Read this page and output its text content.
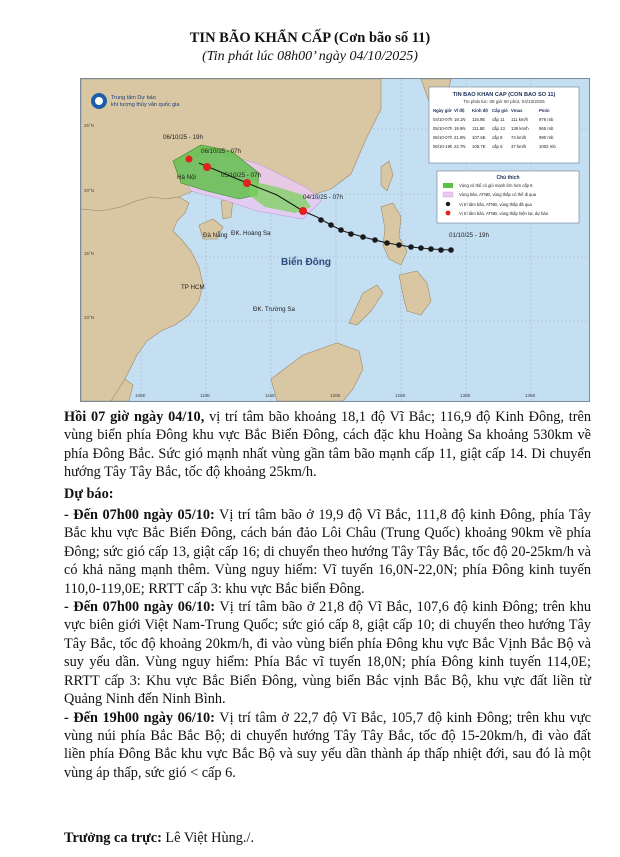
TIN BÃO KHẨN CẤP (Cơn bão số 11)
(Tin phát lúc 08h00’ ngày 04/10/2025)
06/10/25 - 19h
06/10/25 - 07h
05/10/25 - 07h
04/10/25 - 07h
01/10/25 - 19h
Hà Nội
Đà Nẵng ĐK. Hoàng Sa
TP HCM
ĐK. Trường Sa
Biển Đông
Trung tâm Dự báo
khí tượng thủy văn quốc gia
TIN BAO KHAN CAP (CON BAO SO 11)
Tin phát lúc: 08 giờ 00 phút, 04/10/2025
Ngày giờ Vĩ độ Kinh độ Cấp gió Vmax	Pmin
04/10-07h 18.1N 116.9E cấp 11 111 km/h	976 mb
05/10-07h 19.9N 111.8E cấp 13 139 km/h 965 mb
06/10-07h 21.8N 107.6E cấp 8 74 km/h	990 mb
06/10-19h 22.7N 105.7E cấp 6 37 km/h	1002 mb
Chú thích
Vùng có thể có gió mạnh lớn hơn cấp 6
Vùng bão, ATNĐ, vùng thấp có thể đi qua
Vị trí tâm bão, ATNĐ, vùng thấp đã qua
Vị trí tâm bão, ATNĐ, vùng thấp hiện tại, dự báo
25°N
20°N
15°N
10°N
105E	110E	115E	120E	125E	130E	135E

Hồi 07 giờ ngày 04/10, vị trí tâm bão khoảng 18,1 độ Vĩ Bắc; 116,9 độ Kinh Đông, trên vùng biển phía Đông khu vực Bắc Biển Đông, cách đặc khu Hoàng Sa khoảng 530km về phía Đông Bắc. Sức gió mạnh nhất vùng gần tâm bão mạnh cấp 11, giật cấp 14. Di chuyển hướng Tây Tây Bắc, tốc độ khoảng 25km/h.

Dự báo:

- Đến 07h00 ngày 05/10: Vị trí tâm bão ở 19,9 độ Vĩ Bắc, 111,8 độ kinh Đông, phía Tây Bắc khu vực Bắc Biển Đông, cách bán đảo Lôi Châu (Trung Quốc) khoảng 90km về phía Đông; sức gió cấp 13, giật cấp 16; di chuyển theo hướng Tây Tây Bắc, tốc độ 20-25km/h và có khả năng mạnh thêm. Vùng nguy hiểm: Vĩ tuyến 16,0N-22,0N; phía Đông kinh tuyến 110,0-119,0E; RRTT cấp 3: khu vực Bắc biển Đông.

- Đến 07h00 ngày 06/10: Vị trí tâm bão ở 21,8 độ Vĩ Bắc, 107,6 độ kinh Đông; trên khu vực biên giới Việt Nam-Trung Quốc; sức gió cấp 8, giật cấp 10; di chuyển theo hướng Tây Tây Bắc, tốc độ khoảng 20km/h, đi vào vùng biển phía Đông khu vực Bắc Vịnh Bắc Bộ và suy yếu dần. Vùng nguy hiểm: Phía Bắc vĩ tuyến 18,0N; phía Đông kinh tuyến 114,0E; RRTT cấp 3: Khu vực Bắc Biển Đông, vùng biển Bắc vịnh Bắc Bộ, khu vực đất liền từ Quảng Ninh đến Ninh Bình.

- Đến 19h00 ngày 06/10: Vị trí tâm ở 22,7 độ Vĩ Bắc, 105,7 độ kinh Đông; trên khu vực vùng núi phía Bắc Bắc Bộ; di chuyển hướng Tây Tây Bắc, tốc độ 15-20km/h, đi vào đất liền phía Đông Bắc khu vực Bắc Bộ và suy yếu dần thành áp thấp nhiệt đới, sau đó là một vùng áp thấp, sức gió < cấp 6.

Trưởng ca trực: Lê Việt Hùng./.
